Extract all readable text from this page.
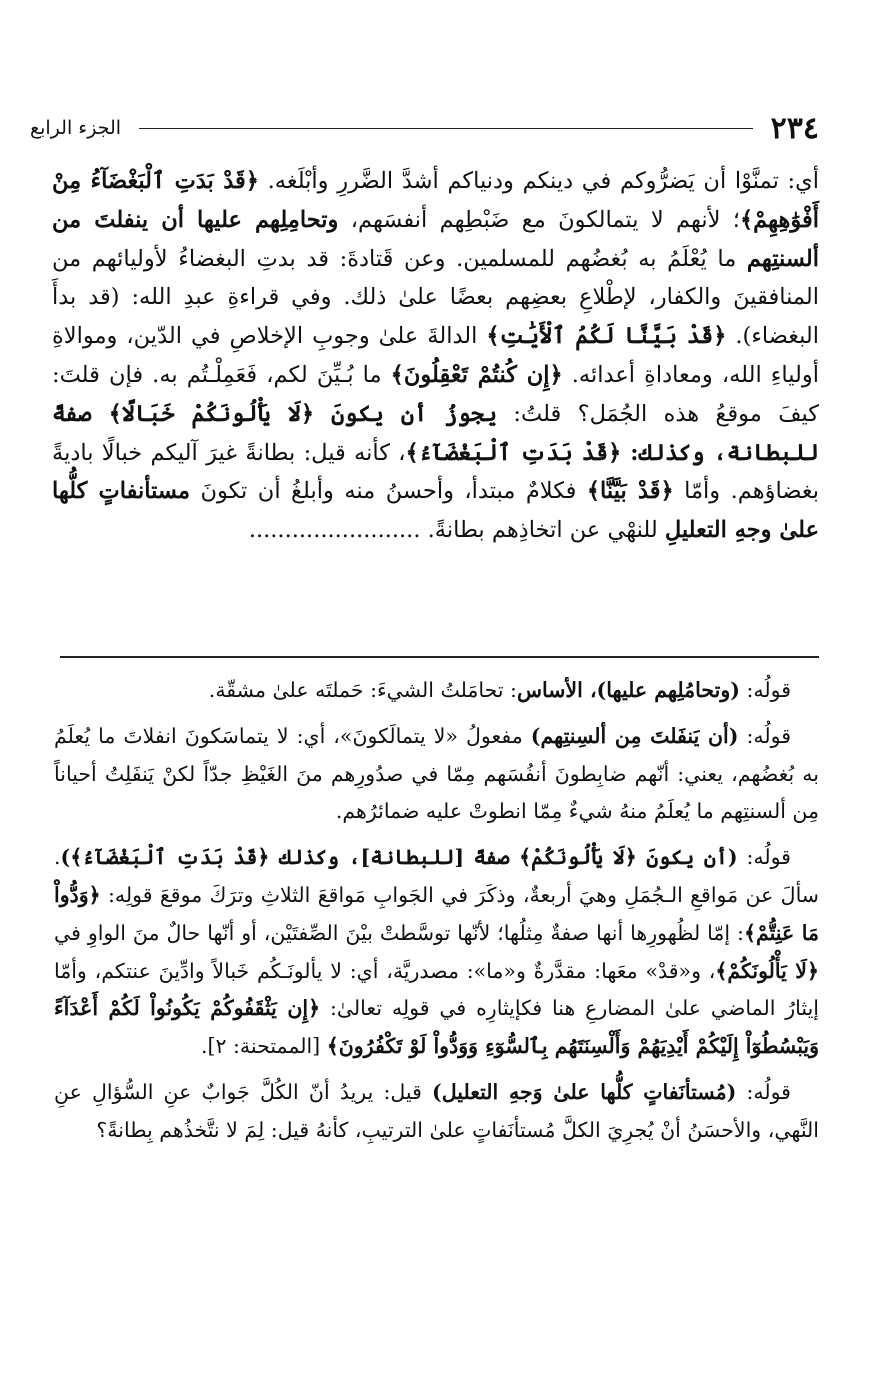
٢٣٤
الجزء الرابع

أي: تمنَّوْا أن يَضرُّوكم في دينكم ودنياكم أشدَّ الضَّررِ وأبْلَغه. ﴿قَدْ بَدَتِ ٱلْبَغْضَآءُ مِنْ أَفْوَٰهِهِمْ﴾؛ لأنهم لا يتمالكونَ مع ضَبْطِهم أنفسَهم، وتحامِلِهم عليها أن ينفلتَ من ألسنتِهم ما يُعْلَمُ به بُغضُهم للمسلمين. وعن قَتادةَ: قد بدتِ البغضاءُ لأوليائهم من المنافقينَ والكفار، لإطْلاعِ بعضِهم بعضًا علىٰ ذلك. وفي قراءةِ عبدِ الله: (قد بدأَ البغضاء). ﴿قَدْ بَيَّنَّا لَكُمُ ٱلْأَيَٰتِ﴾ الدالةَ علىٰ وجوبِ الإخلاصِ في الدّين، وموالاةِ أولياءِ الله، ومعاداةِ أعدائه. ﴿إِن كُنتُمْ تَعْقِلُونَ﴾ ما بُـيِّنَ لكم، فَعَمِلْـتُم به. فإن قلتَ: كيفَ موقعُ هذه الجُمَل؟ قلتُ: يجوزُ أن يكونَ ﴿لَا يَأْلُونَكُمْ خَبَالًا﴾ صفةً للبطانة، وكذلك: ﴿قَدْ بَدَتِ ٱلْبَغْضَآءُ﴾، كأنه قيل: بطانةً غيرَ آليكم خبالًا باديةً بغضاؤهم. وأمّا ﴿قَدْ بَيَّنَّا﴾ فكلامٌ مبتدأ، وأحسنُ منه وأبلغُ أن تكونَ مستأنفاتٍ كلُّها علىٰ وجهِ التعليلِ للنهْي عن اتخاذِهم بطانةً. ........................

قولُه: (وتحامُلِهم عليها)، الأساس: تحامَلتُ الشيءَ: حَملتَه علىٰ مشقّة.

قولُه: (أن يَنفَلتَ مِن ألسِنتِهم) مفعولُ «لا يتمالَكونَ»، أي: لا يتماسَكونَ انفلاتَ ما يُعلَمُ به بُغضُهم، يعني: أنّهم ضابِطونَ أنفُسَهم مِمّا في صدُورِهم منَ الغَيْظِ جدّاً لكنْ يَنفَلِتُ أحياناً مِن ألسنتِهم ما يُعلَمُ منهُ شيءٌ مِمّا انطوتْ عليه ضمائرُهم.

قولُه: (أن يكونَ ﴿لَا يَأْلُونَكُمْ﴾ صفةً [للبطانة]، وكذلك ﴿قَدْ بَدَتِ ٱلْبَغْضَآءُ﴾). سألَ عن مَواقعِ الـجُمَلِ وهيَ أربعةٌ، وذكَرَ في الجَوابِ مَواقعَ الثلاثِ وترَكَ موقعَ قولِه: ﴿وَدُّواْ مَا عَنِتُّمْ﴾: إمّا لظُهورِها أنها صفةٌ مِثلُها؛ لأنّها توسَّطتْ بيْنَ الصِّفتَيْن، أو أنّها حالٌ منَ الواوِ في ﴿لَا يَأْلُونَكُمْ﴾، و«قدْ» معَها: مقدَّرةٌ و«ما»: مصدريَّة، أي: لا يألونَـكُم خَبالاً وادِّينَ عنتكم، وأمّا إيثارُ الماضي علىٰ المضارعِ هنا فكإيثارِه في قولِه تعالىٰ: ﴿إِن يَثْقَفُوكُمْ يَكُونُواْ لَكُمْ أَعْدَآءً وَيَبْسُطُوٓاْ إِلَيْكُمْ أَيْدِيَهُمْ وَأَلْسِنَتَهُم بِٱلسُّوٓءِ وَوَدُّواْ لَوْ تَكْفُرُونَ﴾ [الممتحنة: ٢].

قولُه: (مُستأنَفاتٍ كلُّها علىٰ وَجهِ التعليل) قيل: يريدُ أنّ الكُلَّ جَوابٌ عنِ السُّؤالِ عنِ النَّهي، والأحسَنُ أنْ يُجرِيَ الكلَّ مُستأنَفاتٍ علىٰ الترتيبِ، كأنهُ قيل: لِمَ لا نتَّخذُهم بِطانةً؟
